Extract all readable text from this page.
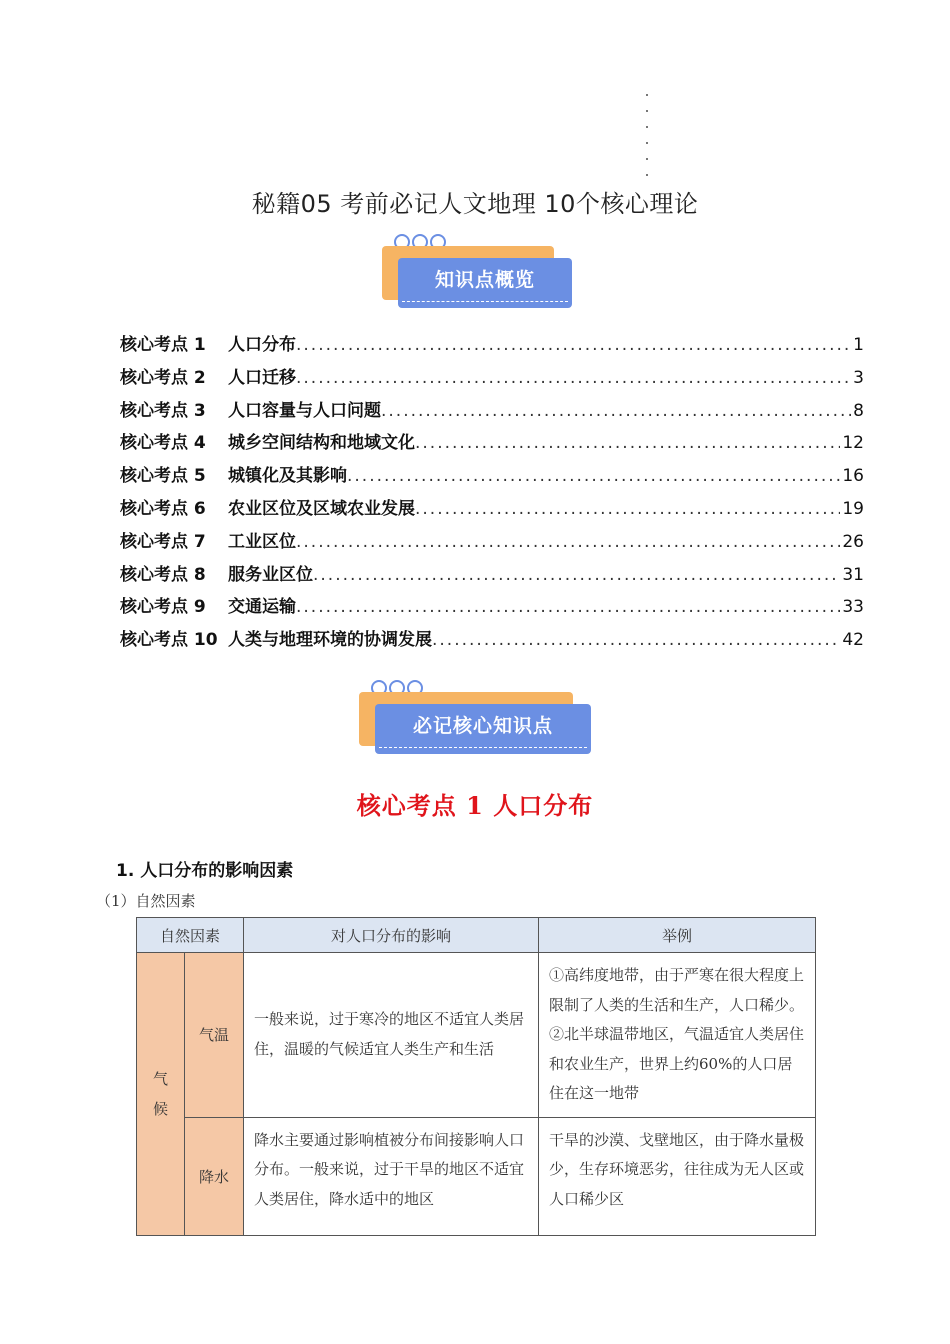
秘籍05 考前必记人文地理 10个核心理论
知识点概览
核心考点 1	人口分布 .....	1
核心考点 2	人口迁移 .....	3
核心考点 3	人口容量与人口问题 .....	8
核心考点 4	城乡空间结构和地域文化 .....	12
核心考点 5	城镇化及其影响 .....	16
核心考点 6	农业区位及区域农业发展 .....	19
核心考点 7	工业区位 .....	26
核心考点 8	服务业区位 .....	31
核心考点 9	交通运输 .....	33
核心考点 10 人类与地理环境的协调发展 .....	42
必记核心知识点
核心考点 1 人口分布
1. 人口分布的影响因素
（1）自然因素
自然因素		对人口分布的影响	举例

气候	气温	一般来说，过于寒冷的地区不适宜人类居住，温暖的气候适宜人类生产和生活	①高纬度地带，由于严寒在很大程度上限制了人类的生活和生产，人口稀少。
②北半球温带地区，气温适宜人类居住和农业生产，世界上约60%的人口居住在这一地带

	降水	降水主要通过影响植被分布间接影响人口分布。一般来说，过于干旱的地区不适宜人类居住，降水适中的地区	干旱的沙漠、戈壁地区，由于降水量极少，生存环境恶劣，往往成为无人区或人口稀少区
